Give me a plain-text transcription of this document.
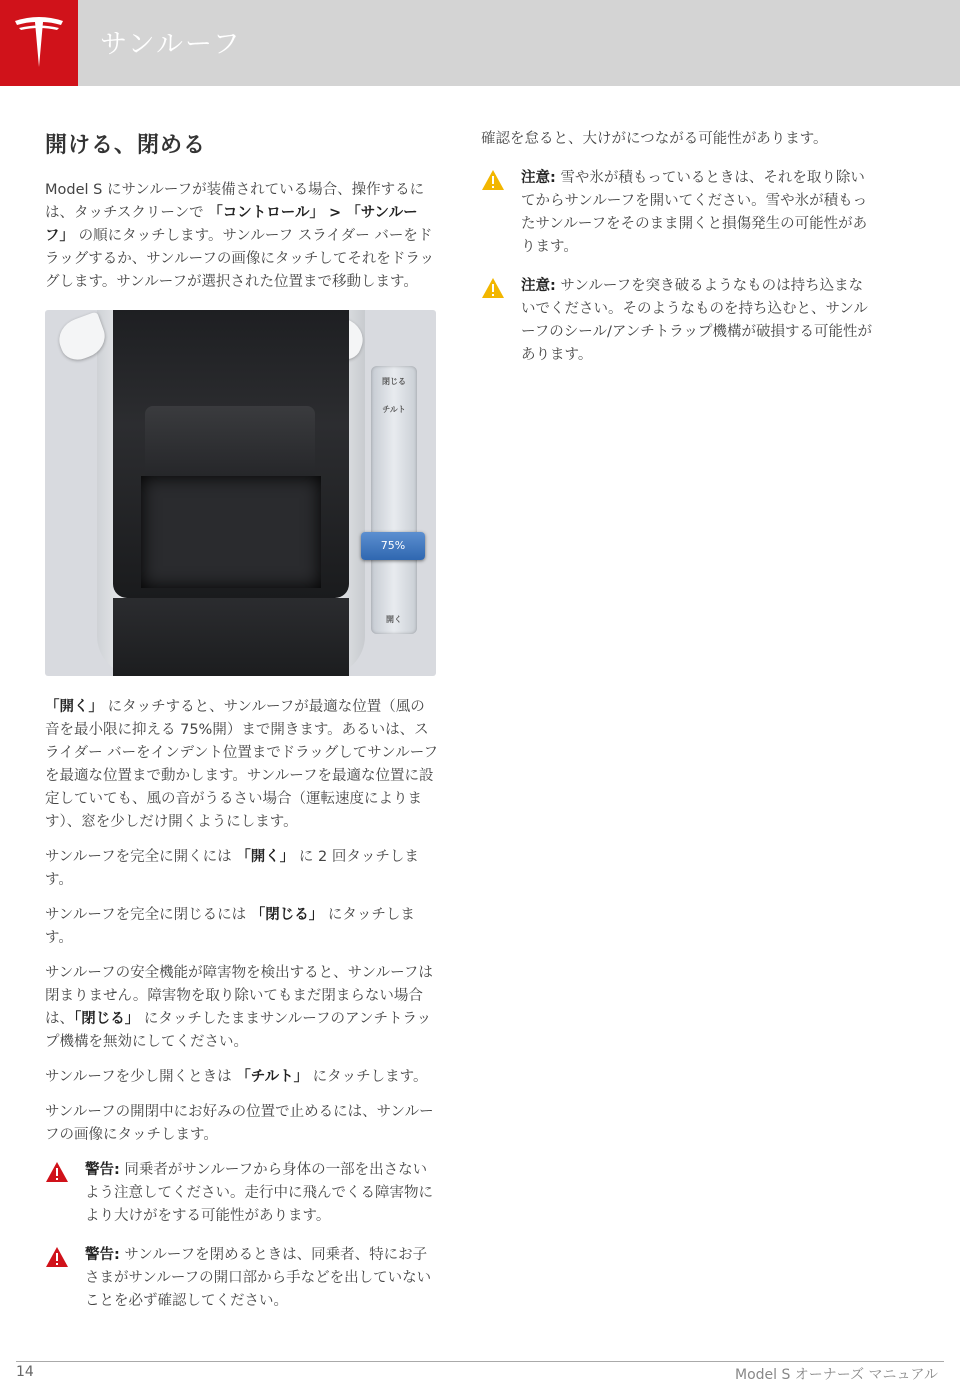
サンルーフ
開ける、閉める

Model S にサンルーフが装備されている場合、操作するには、タッチスクリーンで 「コントロール」 > 「サンルーフ」 の順にタッチします。サンルーフ スライダー バーをドラッグするか、サンルーフの画像にタッチしてそれをドラッグします。サンルーフが選択された位置まで移動します。

閉じる
チルト
開く
75%

「開く」 にタッチすると、サンルーフが最適な位置（風の音を最小限に抑える 75%開）まで開きます。あるいは、スライダー バーをインデント位置までドラッグしてサンルーフを最適な位置まで動かします。サンルーフを最適な位置に設定していても、風の音がうるさい場合（運転速度によります）、窓を少しだけ開くようにします。

サンルーフを完全に開くには 「開く」 に 2 回タッチします。

サンルーフを完全に閉じるには 「閉じる」 にタッチします。

サンルーフの安全機能が障害物を検出すると、サンルーフは閉まりません。障害物を取り除いてもまだ閉まらない場合は、「閉じる」 にタッチしたままサンルーフのアンチトラップ機構を無効にしてください。

サンルーフを少し開くときは 「チルト」 にタッチします。

サンルーフの開閉中にお好みの位置で止めるには、サンルーフの画像にタッチします。

警告: 同乗者がサンルーフから身体の一部を出さないよう注意してください。走行中に飛んでくる障害物により大けがをする可能性があります。
警告: サンルーフを閉めるときは、同乗者、特にお子さまがサンルーフの開口部から手などを出していないことを必ず確認してください。

確認を怠ると、大けがにつながる可能性があります。

注意: 雪や氷が積もっているときは、それを取り除いてからサンルーフを開いてください。雪や氷が積もったサンルーフをそのまま開くと損傷発生の可能性があります。
注意: サンルーフを突き破るようなものは持ち込まないでください。そのようなものを持ち込むと、サンルーフのシール/アンチトラップ機構が破損する可能性があります。
14	Model S オーナーズ マニュアル
